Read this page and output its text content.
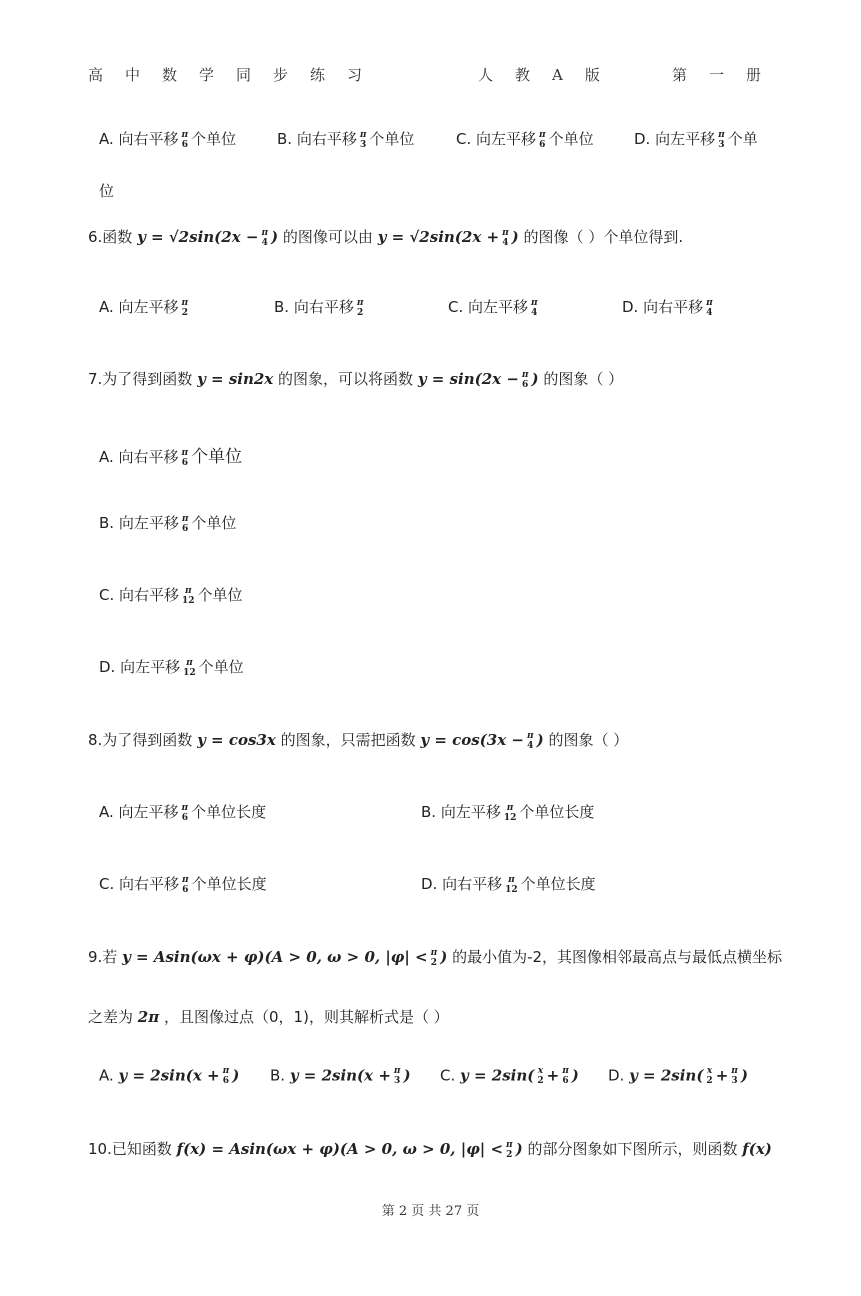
高中数学同步练习	人教A版	第一册
A. 向右平移 π
6 个单位	B. 向右平移 π
3 个单位	C. 向左平移 π
6 个单位	D. 向左平移 π
3 个单
位
6.函数 y = √2sin(2x − π
4 ) 的图像可以由 y = √2sin(2x + π
4 ) 的图像（ ）个单位得到.
A. 向左平移 π
2	B. 向右平移 π
2	C. 向左平移 π
4	D. 向右平移 π
4
7.为了得到函数 y = sin2x 的图象，可以将函数 y = sin(2x − π
6 ) 的图象（ ）
A. 向右平移 π
6 个单位
B. 向左平移 π
6 个单位
C. 向右平移 π
12 个单位
D. 向左平移 π
12 个单位
8.为了得到函数 y = cos3x 的图象，只需把函数 y = cos(3x − π
4 ) 的图象（ ）
A. 向左平移 π
6 个单位长度	B. 向左平移 π
12 个单位长度
C. 向右平移 π
6 个单位长度	D. 向右平移 π
12 个单位长度
9.若 y = Asin(ωx + φ)(A > 0, ω > 0, |φ| < π
2 ) 的最小值为-2，其图像相邻最高点与最低点横坐标
之差为 2π ，且图像过点（0，1)，则其解析式是（ ）
A. y = 2sin(x + π
6 ) B. y = 2sin(x + π
3 ) C. y = 2sin( x
2 + π
6 ) D. y = 2sin( x
2 + π
3 )
10.已知函数 f(x) = Asin(ωx + φ)(A > 0, ω > 0, |φ| < π
2 ) 的部分图象如下图所示，则函数 f(x)
第 2 页 共 27 页
